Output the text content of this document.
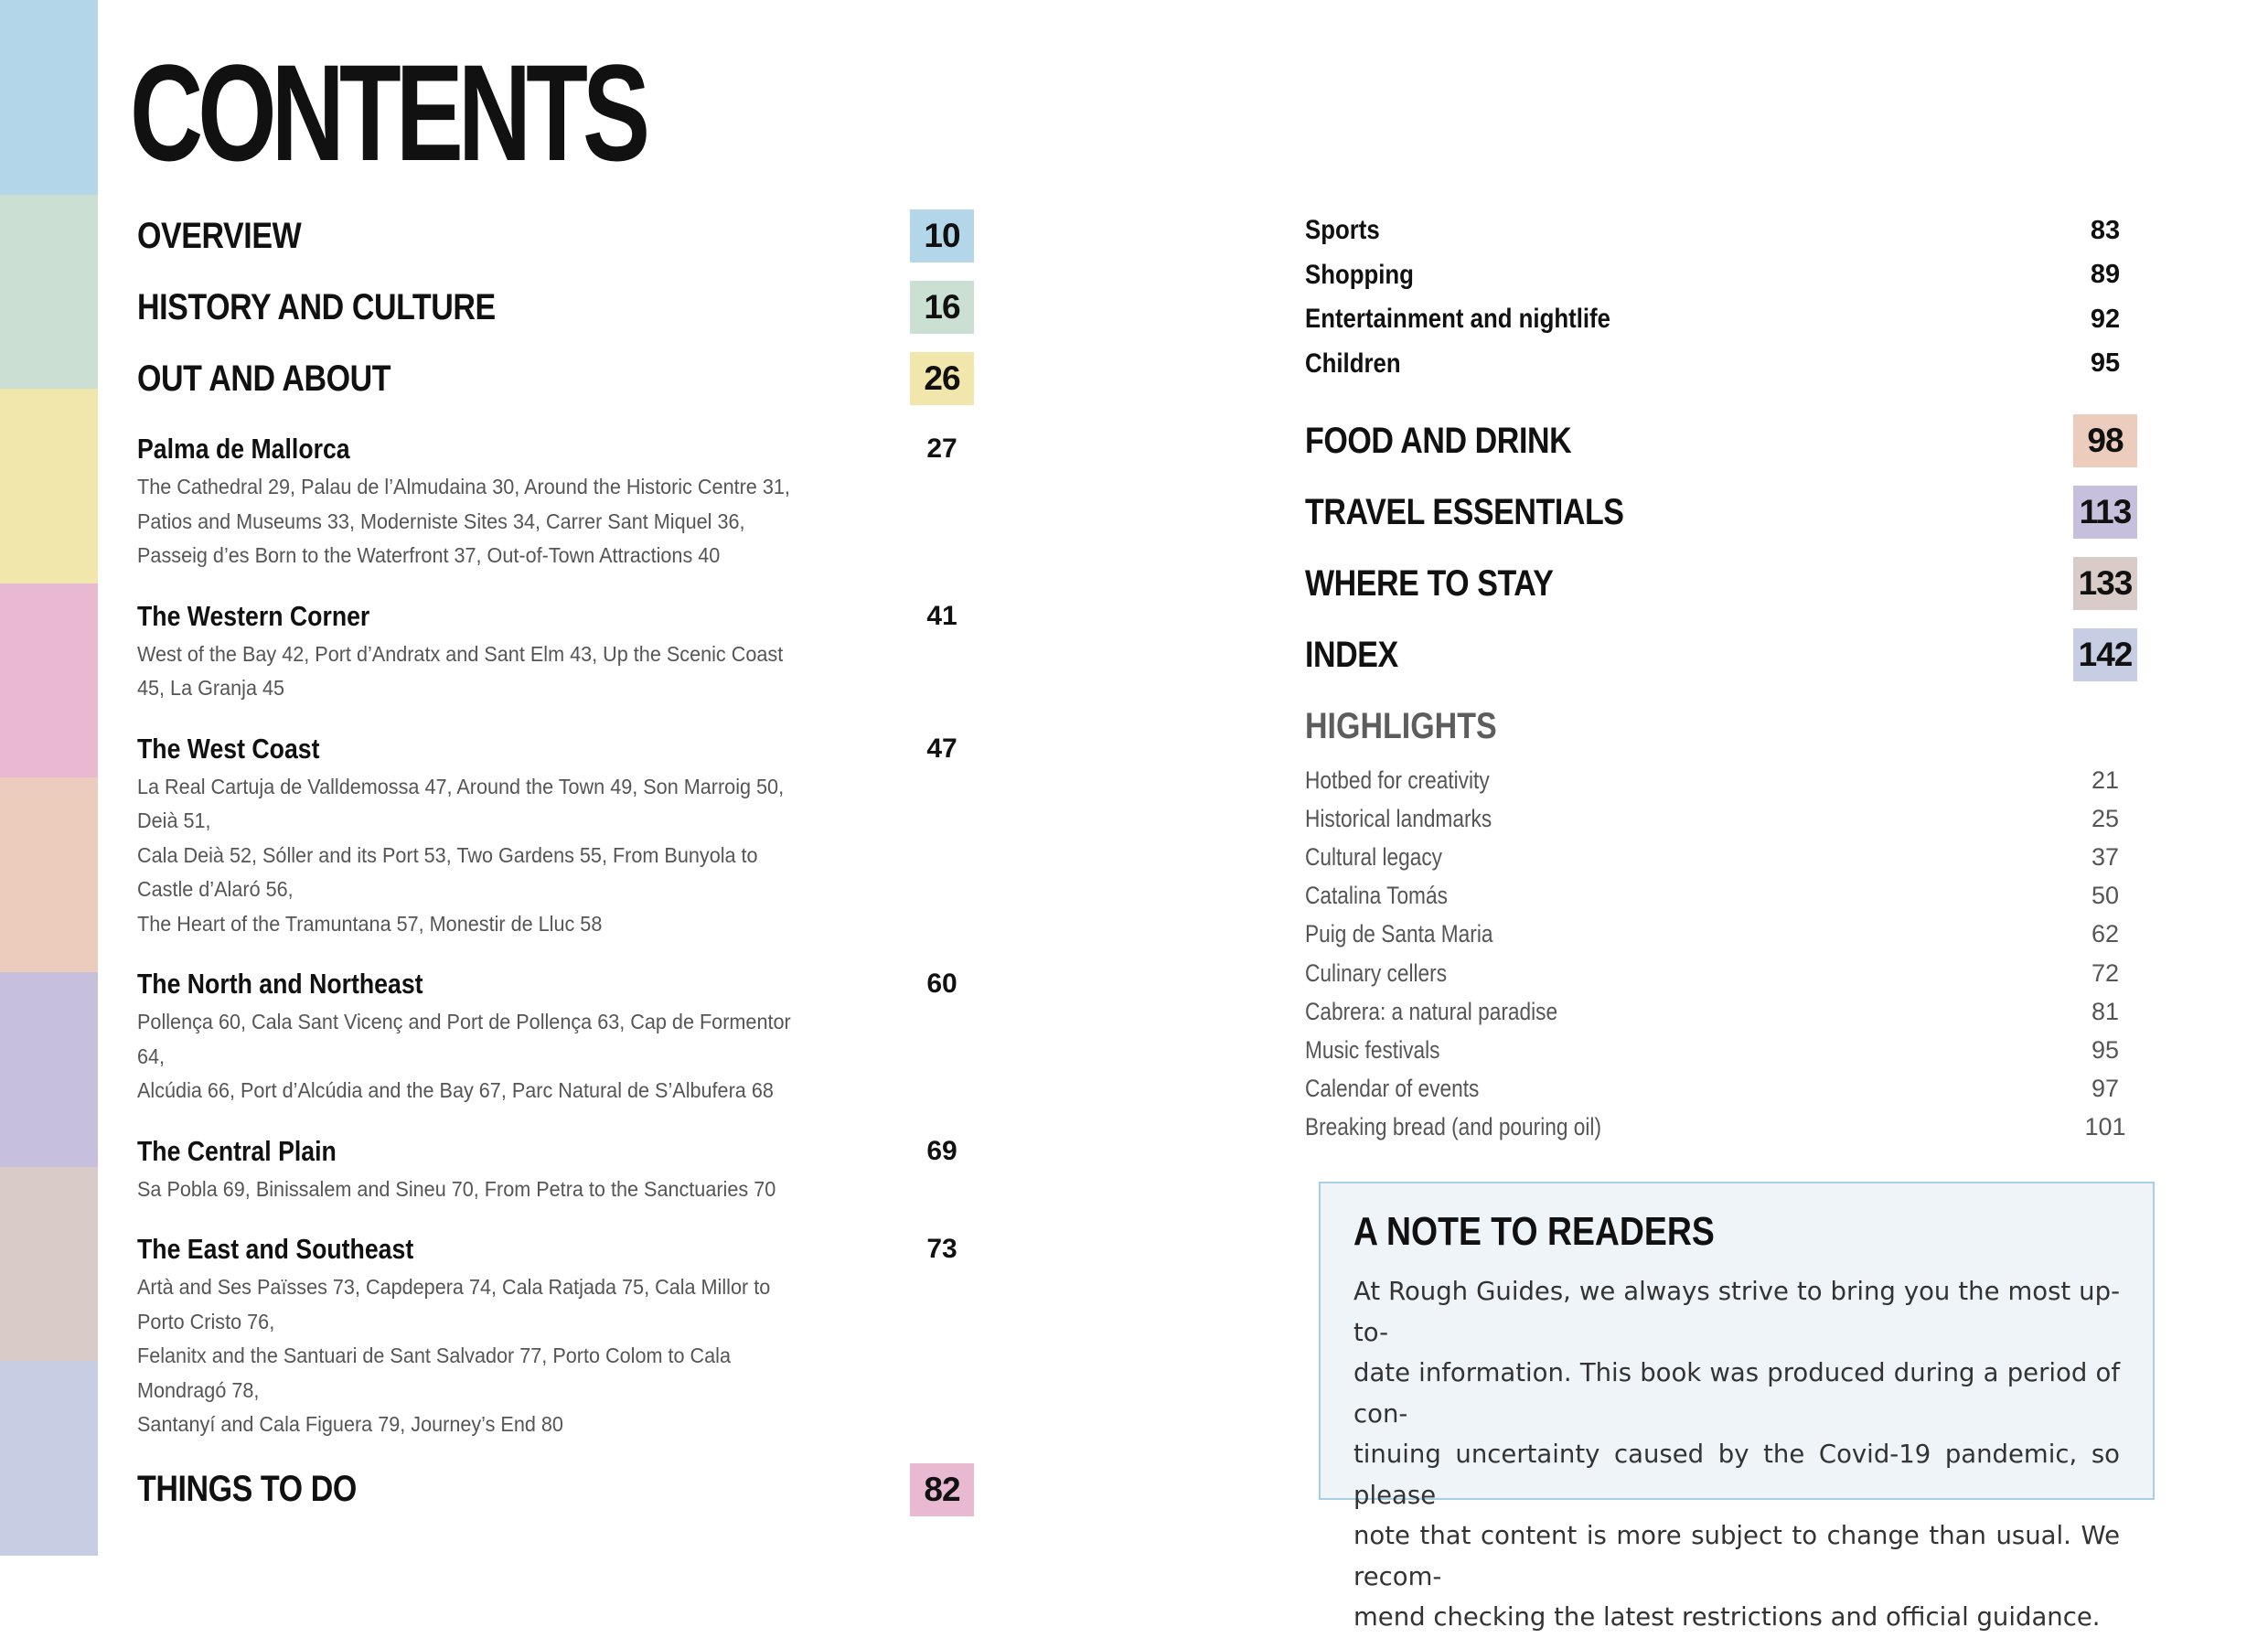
CONTENTS
OVERVIEW	10
HISTORY AND CULTURE	16
OUT AND ABOUT	26
Palma de Mallorca	27
The Cathedral 29, Palau de l’Almudaina 30, Around the Historic Centre 31,
Patios and Museums 33, Moderniste Sites 34, Carrer Sant Miquel 36,
Passeig d’es Born to the Waterfront 37, Out-of-Town Attractions 40
The Western Corner	41
West of the Bay 42, Port d’Andratx and Sant Elm 43, Up the Scenic Coast 45, La Granja 45
The West Coast	47
La Real Cartuja de Valldemossa 47, Around the Town 49, Son Marroig 50, Deià 51,
Cala Deià 52, Sóller and its Port 53, Two Gardens 55, From Bunyola to Castle d’Alaró 56,
The Heart of the Tramuntana 57, Monestir de Lluc 58
The North and Northeast	60
Pollença 60, Cala Sant Vicenç and Port de Pollença 63, Cap de Formentor 64,
Alcúdia 66, Port d’Alcúdia and the Bay 67, Parc Natural de S’Albufera 68
The Central Plain	69
Sa Pobla 69, Binissalem and Sineu 70, From Petra to the Sanctuaries 70
The East and Southeast	73
Artà and Ses Païsses 73, Capdepera 74, Cala Ratjada 75, Cala Millor to Porto Cristo 76,
Felanitx and the Santuari de Sant Salvador 77, Porto Colom to Cala Mondragó 78,
Santanyí and Cala Figuera 79, Journey’s End 80
THINGS TO DO	82
Sports	83
Shopping	89
Entertainment and nightlife	92
Children	95
FOOD AND DRINK	98
TRAVEL ESSENTIALS	113
WHERE TO STAY	133
INDEX	142
HIGHLIGHTS
Hotbed for creativity	21
Historical landmarks	25
Cultural legacy	37
Catalina Tomás	50
Puig de Santa Maria	62
Culinary cellers	72
Cabrera: a natural paradise	81
Music festivals	95
Calendar of events	97
Breaking bread (and pouring oil)	101
A NOTE TO READERS
At Rough Guides, we always strive to bring you the most up-to-
date information. This book was produced during a period of con-
tinuing uncertainty caused by the Covid-19 pandemic, so please
note that content is more subject to change than usual. We recom-
mend checking the latest restrictions and official guidance.
